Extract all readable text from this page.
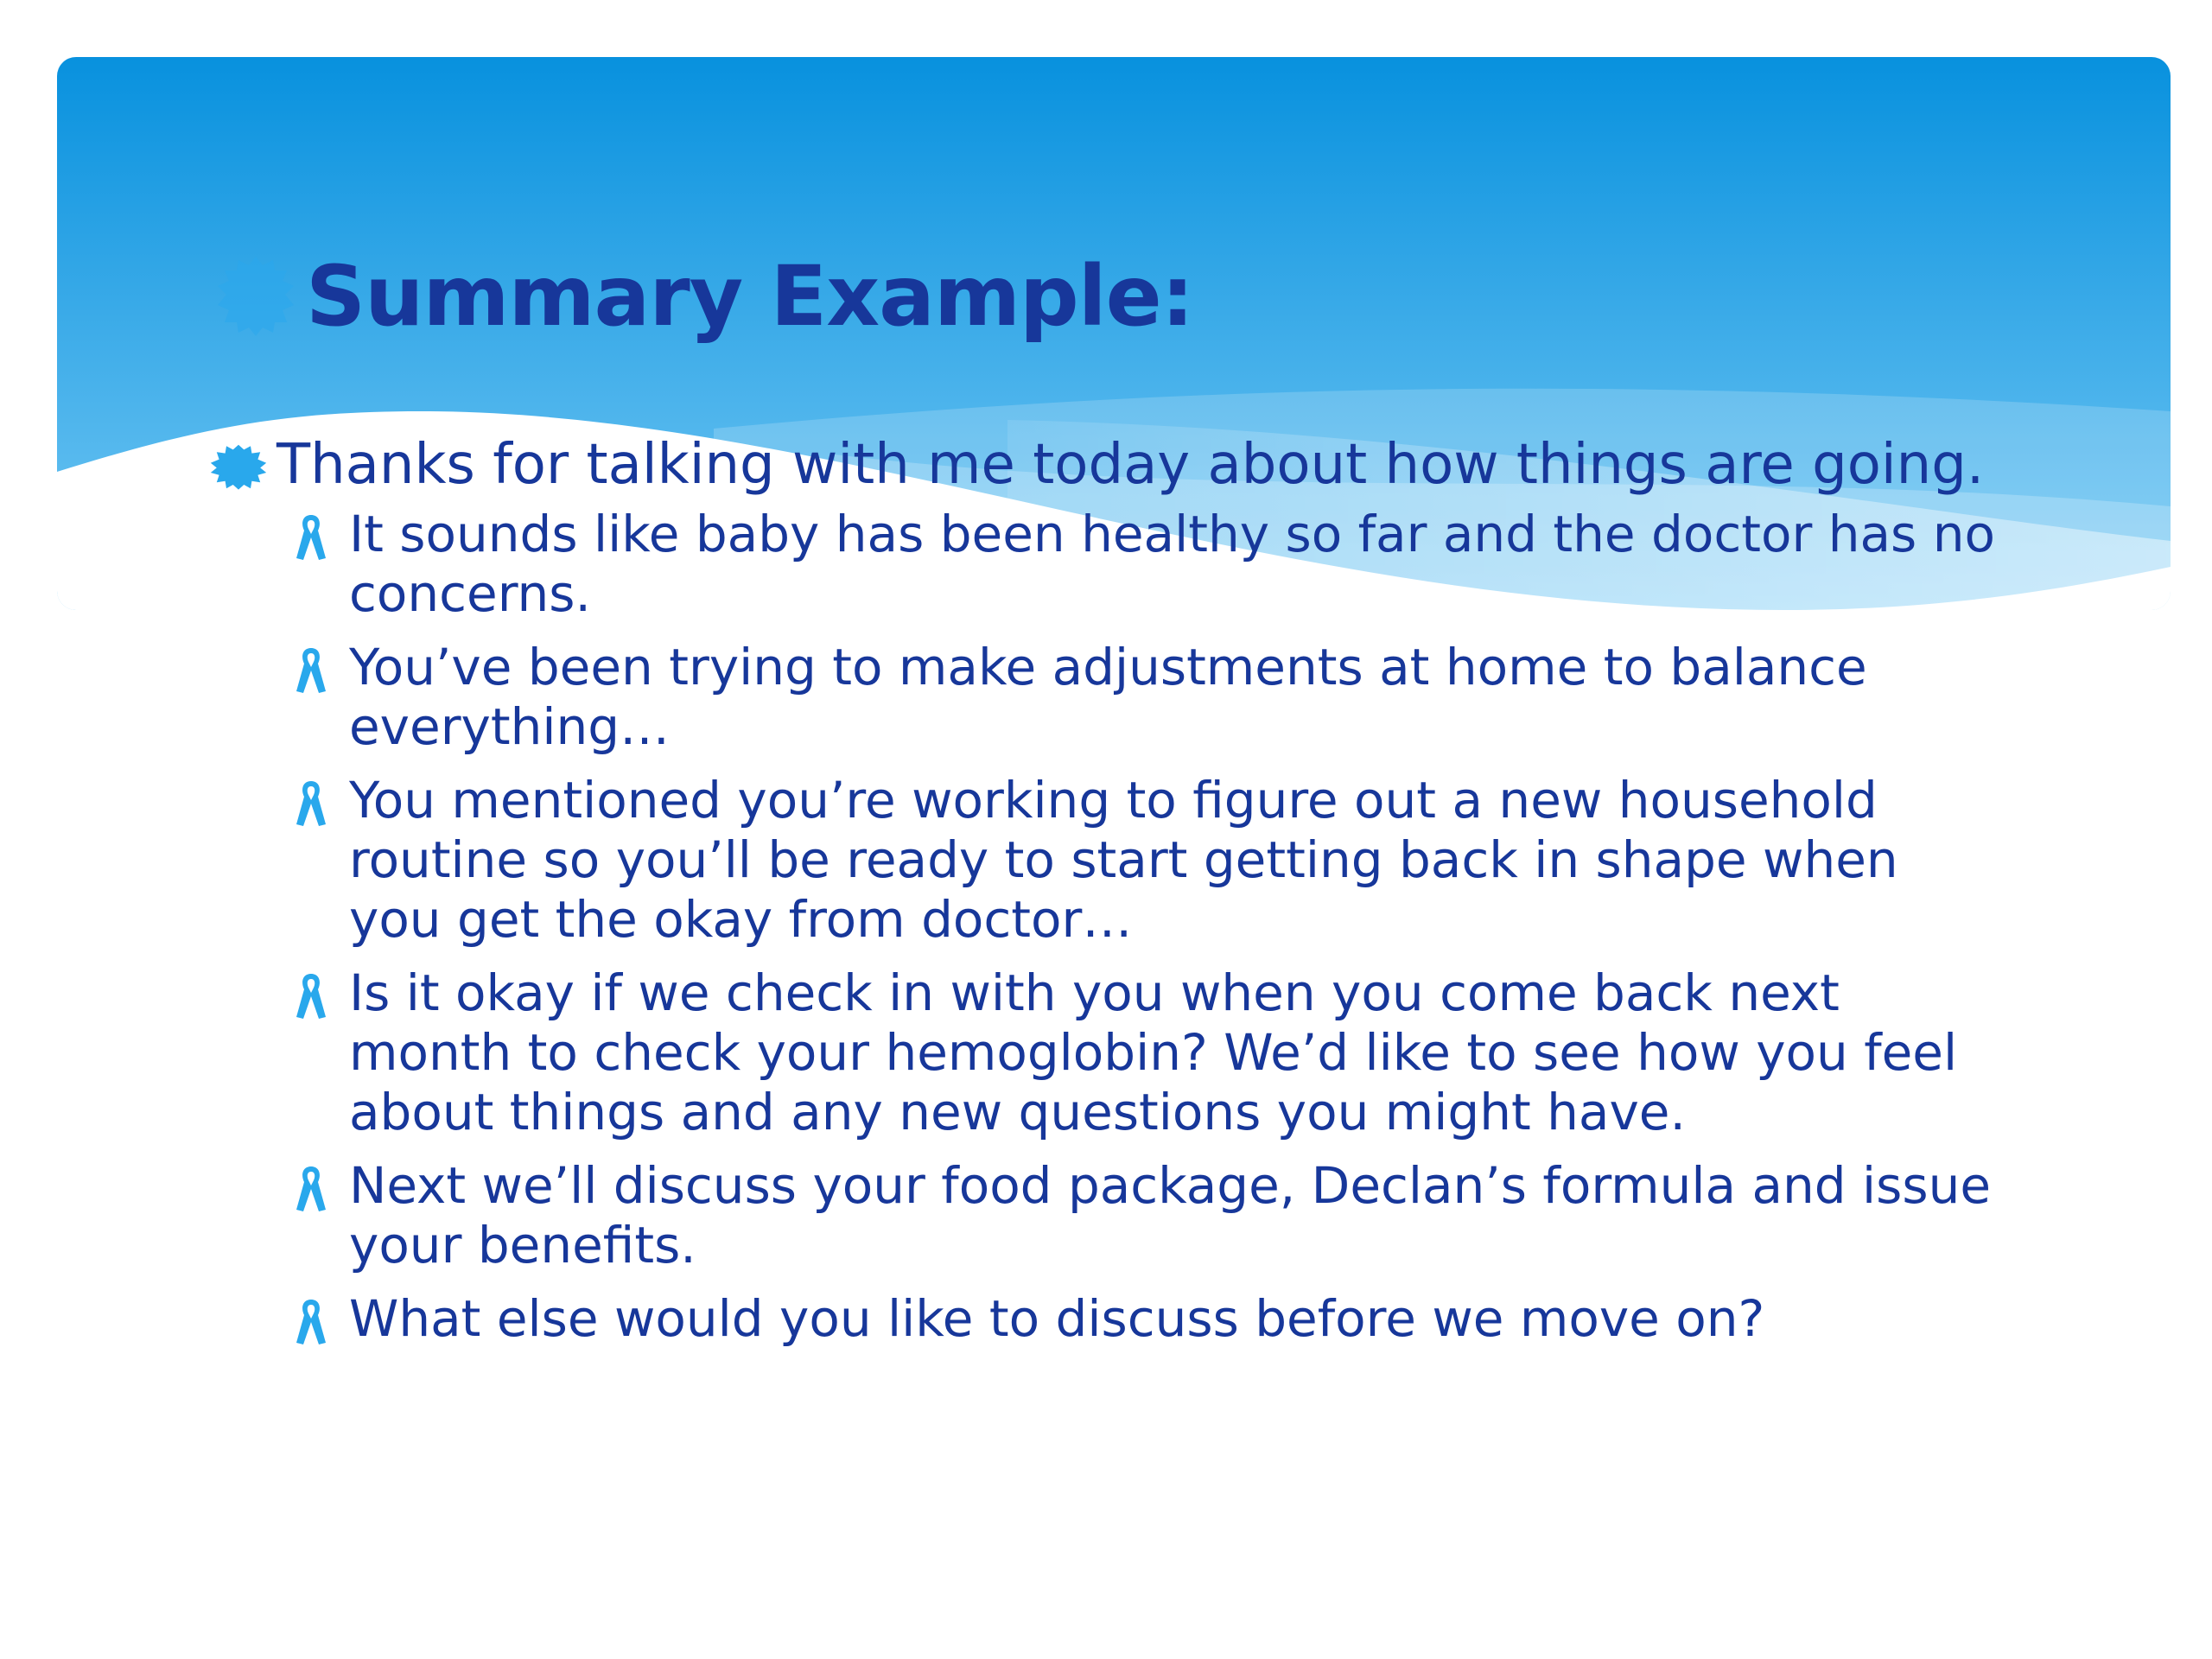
Summary Example:
Thanks for talking with me today about how things are going.
It sounds like baby has been healthy so far and the doctor has no concerns.
You’ve been trying to make adjustments at home to balance everything…
You mentioned you’re working to figure out a new household routine so you’ll be ready to start getting back in shape when you get the okay from doctor…
Is it okay if we check in with you when you come back next month to check your hemoglobin? We’d like to see how you feel about things and any new questions you might have.
Next we’ll discuss your food package, Declan’s formula and issue your benefits.
What else would you like to discuss before we move on?
